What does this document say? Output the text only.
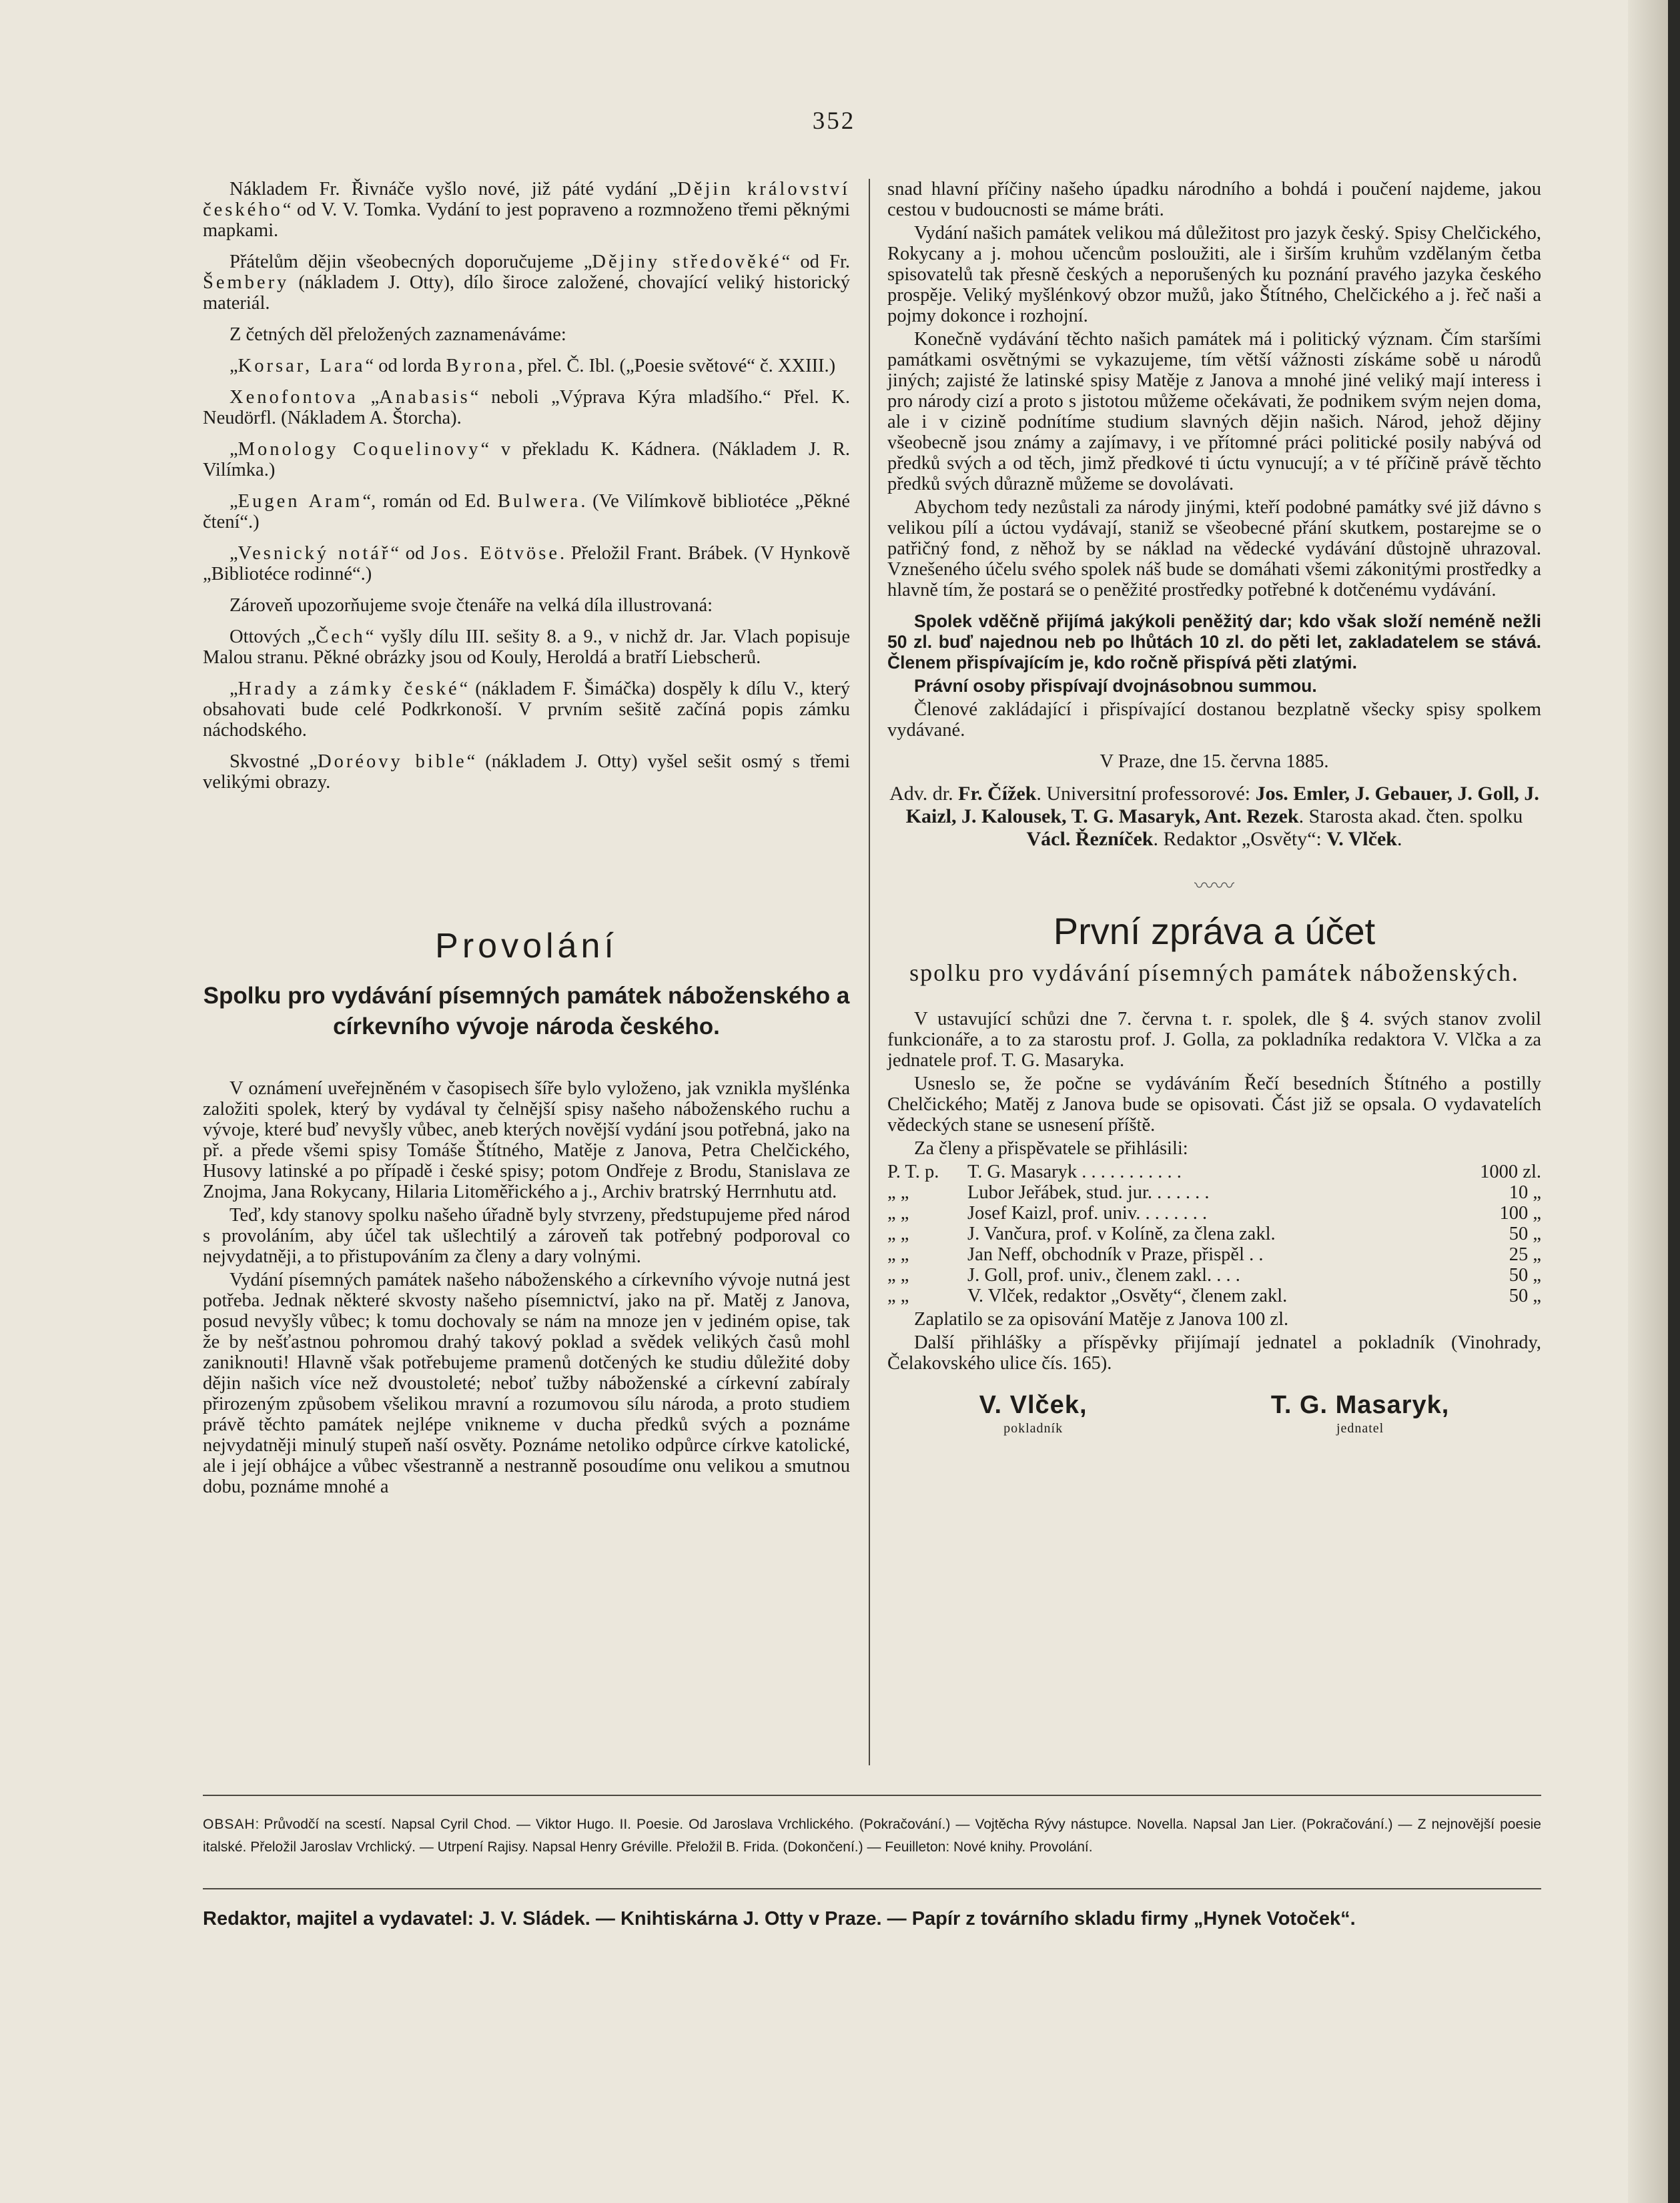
352

Nákladem Fr. Řivnáče vyšlo nové, již páté vydání „Dějin království českého“ od V. V. Tomka. Vydání to jest popraveno a rozmnoženo třemi pěknými mapkami.

Přátelům dějin všeobecných doporučujeme „Dějiny středověké“ od Fr. Šembery (nákladem J. Otty), dílo široce založené, chovající veliký historický materiál.

Z četných děl přeložených zaznamenáváme:

„Korsar, Lara“ od lorda Byrona, přel. Č. Ibl. („Poesie světové“ č. XXIII.)

Xenofontova „Anabasis“ neboli „Výprava Kýra mladšího.“ Přel. K. Neudörfl. (Nákladem A. Štorcha).

„Monology Coquelinovy“ v překladu K. Kádnera. (Nákladem J. R. Vilímka.)

„Eugen Aram“, román od Ed. Bulwera. (Ve Vilímkově bibliotéce „Pěkné čtení“.)

„Vesnický notář“ od Jos. Eötvöse. Přeložil Frant. Brábek. (V Hynkově „Bibliotéce rodinné“.)

Zároveň upozorňujeme svoje čtenáře na velká díla illustrovaná:

Ottových „Čech“ vyšly dílu III. sešity 8. a 9., v nichž dr. Jar. Vlach popisuje Malou stranu. Pěkné obrázky jsou od Kouly, Heroldá a bratří Liebscherů.

„Hrady a zámky české“ (nákladem F. Šimáčka) dospěly k dílu V., který obsahovati bude celé Podkrkonoší. V prvním sešitě začíná popis zámku náchodského.

Skvostné „Doréovy bible“ (nákladem J. Otty) vyšel sešit osmý s třemi velikými obrazy.

Provolání
Spolku pro vydávání písemných památek náboženského a církevního vývoje národa českého.

V oznámení uveřejněném v časopisech šíře bylo vyloženo, jak vznikla myšlénka založiti spolek, který by vydával ty čelnější spisy našeho náboženského ruchu a vývoje, které buď nevyšly vůbec, aneb kterých novější vydání jsou potřebná, jako na př. a přede všemi spisy Tomáše Štítného, Matěje z Janova, Petra Chelčického, Husovy latinské a po případě i české spisy; potom Ondřeje z Brodu, Stanislava ze Znojma, Jana Rokycany, Hilaria Litoměřického a j., Archiv bratrský Herrnhutu atd.

Teď, kdy stanovy spolku našeho úřadně byly stvrzeny, předstupujeme před národ s provoláním, aby účel tak ušlechtilý a zároveň tak potřebný podporoval co nejvydatněji, a to přistupováním za členy a dary volnými.

Vydání písemných památek našeho náboženského a církevního vývoje nutná jest potřeba. Jednak některé skvosty našeho písemnictví, jako na př. Matěj z Janova, posud nevyšly vůbec; k tomu dochovaly se nám na mnoze jen v jediném opise, tak že by nešťastnou pohromou drahý takový poklad a svědek velikých časů mohl zaniknouti! Hlavně však potřebujeme pramenů dotčených ke studiu důležité doby dějin našich více než dvoustoleté; neboť tužby náboženské a církevní zabíraly přirozeným způsobem všelikou mravní a rozumovou sílu národa, a proto studiem právě těchto památek nejlépe vnikneme v ducha předků svých a poznáme nejvydatněji minulý stupeň naší osvěty. Poznáme netoliko odpůrce církve katolické, ale i její obhájce a vůbec všestranně a nestranně posoudíme onu velikou a smutnou dobu, poznáme mnohé a

snad hlavní příčiny našeho úpadku národního a bohdá i poučení najdeme, jakou cestou v budoucnosti se máme bráti.

Vydání našich památek velikou má důležitost pro jazyk český. Spisy Chelčického, Rokycany a j. mohou učencům posloužiti, ale i širším kruhům vzdělaným četba spisovatelů tak přesně českých a neporušených ku poznání pravého jazyka českého prospěje. Veliký myšlénkový obzor mužů, jako Štítného, Chelčického a j. řeč naši a pojmy dokonce i rozhojní.

Konečně vydávání těchto našich památek má i politický význam. Čím staršími památkami osvětnými se vykazujeme, tím větší vážnosti získáme sobě u národů jiných; zajisté že latinské spisy Matěje z Janova a mnohé jiné veliký mají interess i pro národy cizí a proto s jistotou můžeme očekávati, že podnikem svým nejen doma, ale i v cizině podnítíme studium slavných dějin našich. Národ, jehož dějiny všeobecně jsou známy a zajímavy, i ve přítomné práci politické posily nabývá od předků svých a od těch, jimž předkové ti úctu vynucují; a v té příčině právě těchto předků svých důrazně můžeme se dovolávati.

Abychom tedy nezůstali za národy jinými, kteří podobné památky své již dávno s velikou pílí a úctou vydávají, staniž se všeobecné přání skutkem, postarejme se o patřičný fond, z něhož by se náklad na vědecké vydávání důstojně uhrazoval. Vznešeného účelu svého spolek náš bude se domáhati všemi zákonitými prostředky a hlavně tím, že postará se o peněžité prostředky potřebné k dotčenému vydávání.

Spolek vděčně přijímá jakýkoli peněžitý dar; kdo však složí neméně nežli 50 zl. buď najednou neb po lhůtách 10 zl. do pěti let, zakladatelem se stává. Členem přispívajícím je, kdo ročně přispívá pěti zlatými.

Právní osoby přispívají dvojnásobnou summou.

Členové zakládající i přispívající dostanou bezplatně všecky spisy spolkem vydávané.

V Praze, dne 15. června 1885.

Adv. dr. Fr. Čížek. Universitní professorové: Jos. Emler, J. Gebauer, J. Goll, J. Kaizl, J. Kalousek, T. G. Masaryk, Ant. Rezek. Starosta akad. čten. spolku Václ. Řezníček. Redaktor „Osvěty“: V. Vlček.

〰〰
První zpráva a účet
spolku pro vydávání písemných památek náboženských.

V ustavující schůzi dne 7. června t. r. spolek, dle § 4. svých stanov zvolil funkcionáře, a to za starostu prof. J. Golla, za pokladníka redaktora V. Vlčka a za jednatele prof. T. G. Masaryka.

Usneslo se, že počne se vydáváním Řečí besedních Štítného a postilly Chelčického; Matěj z Janova bude se opisovati. Část již se opsala. O vydavatelích vědeckých stane se usnesení příště.

Za členy a přispěvatele se přihlásili:

P. T. p.	T. G. Masaryk . . . . . . . . . . .	1000 zl.
„ „	Lubor Jeřábek, stud. jur. . . . . . .	10 „
„ „	Josef Kaizl, prof. univ. . . . . . . .	100 „
„ „	J. Vančura, prof. v Kolíně, za člena zakl.	50 „
„ „	Jan Neff, obchodník v Praze, přispěl . .	25 „
„ „	J. Goll, prof. univ., členem zakl. . . .	50 „
„ „	V. Vlček, redaktor „Osvěty“, členem zakl.	50 „

Zaplatilo se za opisování Matěje z Janova 100 zl.

Další přihlášky a příspěvky přijímají jednatel a pokladník (Vinohrady, Čelakovského ulice čís. 165).

V. Vlček,
pokladník
T. G. Masaryk,
jednatel
OBSAH: Průvodčí na scestí. Napsal Cyril Chod. — Viktor Hugo. II. Poesie. Od Jaroslava Vrchlického. (Pokračování.) — Vojtěcha Rývy nástupce. Novella. Napsal Jan Lier. (Pokračování.) — Z nejnovější poesie italské. Přeložil Jaroslav Vrchlický. — Utrpení Rajisy. Napsal Henry Gréville. Přeložil B. Frida. (Dokončení.) — Feuilleton: Nové knihy. Provolání.
Redaktor, majitel a vydavatel: J. V. Sládek. — Knihtiskárna J. Otty v Praze. — Papír z továrního skladu firmy „Hynek Votoček“.
